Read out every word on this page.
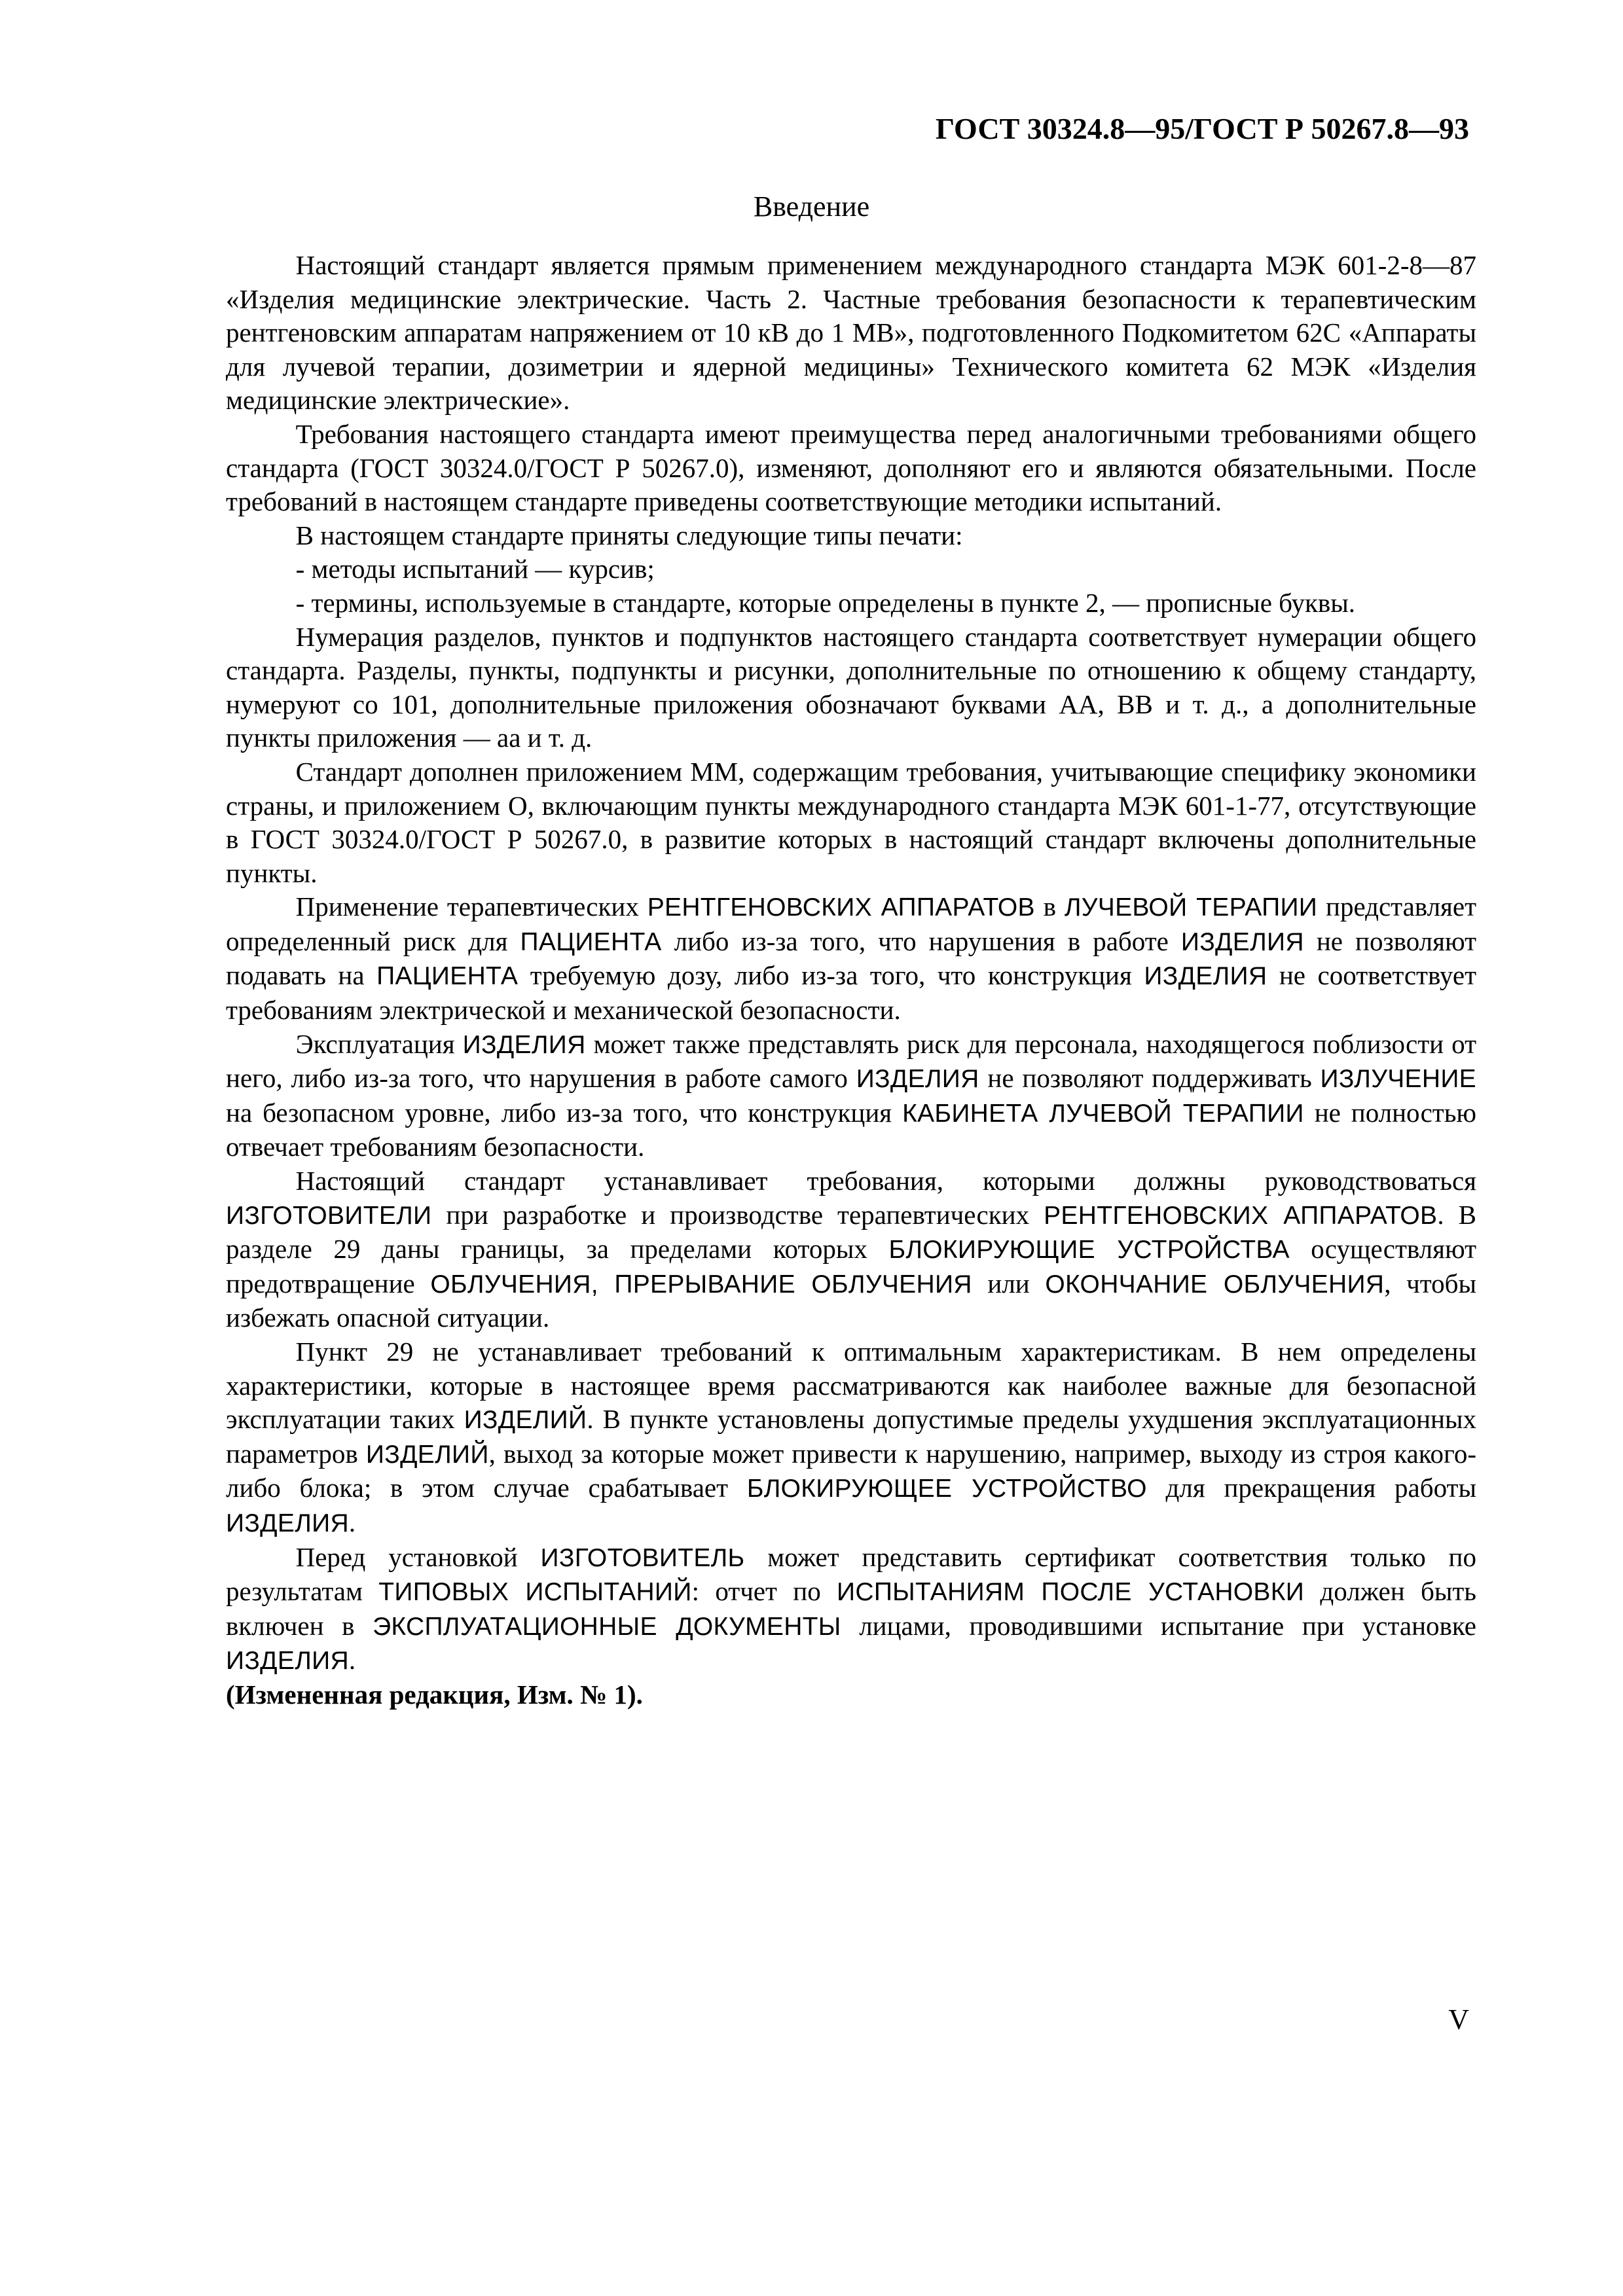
ГОСТ 30324.8—95/ГОСТ Р 50267.8—93
Введение

Настоящий стандарт является прямым применением международного стандарта МЭК 601-2-8—87 «Изделия медицинские электрические. Часть 2. Частные требования безопасности к терапевтическим рентгеновским аппаратам напряжением от 10 кВ до 1 МВ», подготовленного Подкомитетом 62С «Аппараты для лучевой терапии, дозиметрии и ядерной медицины» Технического комитета 62 МЭК «Изделия медицинские электрические».

Требования настоящего стандарта имеют преимущества перед аналогичными требованиями общего стандарта (ГОСТ 30324.0/ГОСТ Р 50267.0), изменяют, дополняют его и являются обязательными. После требований в настоящем стандарте приведены соответствующие методики испытаний.

В настоящем стандарте приняты следующие типы печати:

- методы испытаний — курсив;

- термины, используемые в стандарте, которые определены в пункте 2, — прописные буквы.

Нумерация разделов, пунктов и подпунктов настоящего стандарта соответствует нумерации общего стандарта. Разделы, пункты, подпункты и рисунки, дополнительные по отношению к общему стандарту, нумеруют со 101, дополнительные приложения обозначают буквами АА, ВВ и т. д., а дополнительные пункты приложения — аа и т. д.

Стандарт дополнен приложением ММ, содержащим требования, учитывающие специфику экономики страны, и приложением О, включающим пункты международного стандарта МЭК 601-1-77, отсутствующие в ГОСТ 30324.0/ГОСТ Р 50267.0, в развитие которых в настоящий стандарт включены дополнительные пункты.

Применение терапевтических РЕНТГЕНОВСКИХ АППАРАТОВ в ЛУЧЕВОЙ ТЕРАПИИ представляет определенный риск для ПАЦИЕНТА либо из-за того, что нарушения в работе ИЗДЕЛИЯ не позволяют подавать на ПАЦИЕНТА требуемую дозу, либо из-за того, что конструкция ИЗДЕЛИЯ не соответствует требованиям электрической и механической безопасности.

Эксплуатация ИЗДЕЛИЯ может также представлять риск для персонала, находящегося поблизости от него, либо из-за того, что нарушения в работе самого ИЗДЕЛИЯ не позволяют поддерживать ИЗЛУЧЕНИЕ на безопасном уровне, либо из-за того, что конструкция КАБИНЕТА ЛУЧЕВОЙ ТЕРАПИИ не полностью отвечает требованиям безопасности.

Настоящий стандарт устанавливает требования, которыми должны руководствоваться ИЗГОТОВИТЕЛИ при разработке и производстве терапевтических РЕНТГЕНОВСКИХ АППАРАТОВ. В разделе 29 даны границы, за пределами которых БЛОКИРУЮЩИЕ УСТРОЙСТВА осуществляют предотвращение ОБЛУЧЕНИЯ, ПРЕРЫВАНИЕ ОБЛУЧЕНИЯ или ОКОНЧАНИЕ ОБЛУЧЕНИЯ, чтобы избежать опасной ситуации.

Пункт 29 не устанавливает требований к оптимальным характеристикам. В нем определены характеристики, которые в настоящее время рассматриваются как наиболее важные для безопасной эксплуатации таких ИЗДЕЛИЙ. В пункте установлены допустимые пределы ухудшения эксплуатационных параметров ИЗДЕЛИЙ, выход за которые может привести к нарушению, например, выходу из строя какого-либо блока; в этом случае срабатывает БЛОКИРУЮЩЕЕ УСТРОЙСТВО для прекращения работы ИЗДЕЛИЯ.

Перед установкой ИЗГОТОВИТЕЛЬ может представить сертификат соответствия только по результатам ТИПОВЫХ ИСПЫТАНИЙ: отчет по ИСПЫТАНИЯМ ПОСЛЕ УСТАНОВКИ должен быть включен в ЭКСПЛУАТАЦИОННЫЕ ДОКУМЕНТЫ лицами, проводившими испытание при установке ИЗДЕЛИЯ.

(Измененная редакция, Изм. № 1).

V
